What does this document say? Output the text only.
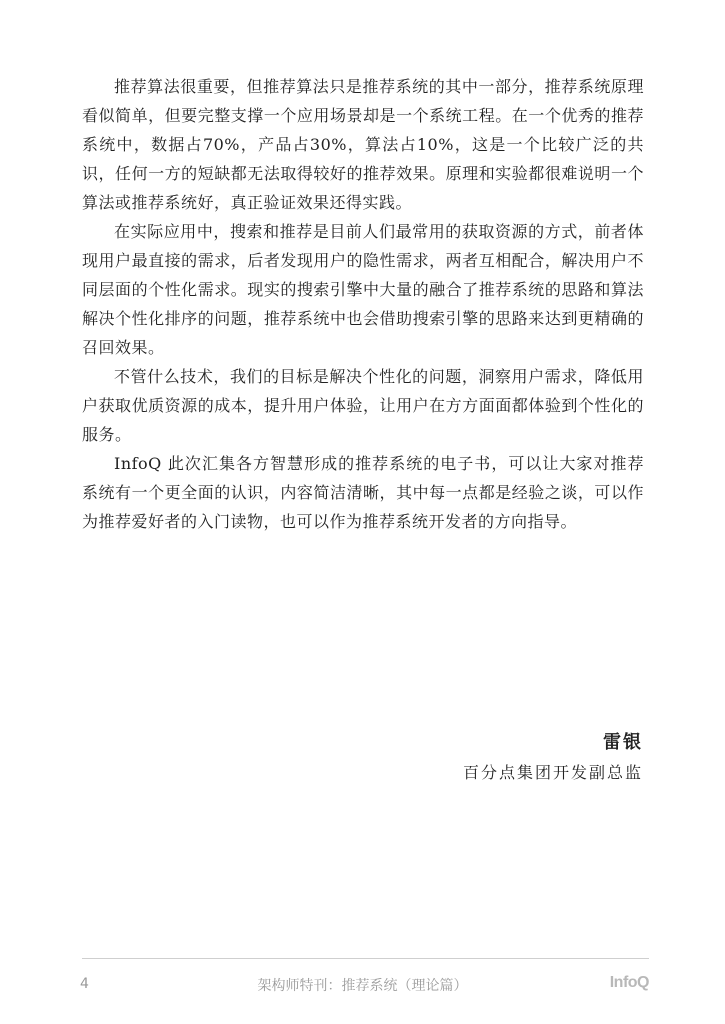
推荐算法很重要，但推荐算法只是推荐系统的其中一部分，推荐系统原理看似简单，但要完整支撑一个应用场景却是一个系统工程。在一个优秀的推荐系统中，数据占70%，产品占30%，算法占10%，这是一个比较广泛的共识，任何一方的短缺都无法取得较好的推荐效果。原理和实验都很难说明一个算法或推荐系统好，真正验证效果还得实践。

在实际应用中，搜索和推荐是目前人们最常用的获取资源的方式，前者体现用户最直接的需求，后者发现用户的隐性需求，两者互相配合，解决用户不同层面的个性化需求。现实的搜索引擎中大量的融合了推荐系统的思路和算法解决个性化排序的问题，推荐系统中也会借助搜索引擎的思路来达到更精确的召回效果。

不管什么技术，我们的目标是解决个性化的问题，洞察用户需求，降低用户获取优质资源的成本，提升用户体验，让用户在方方面面都体验到个性化的服务。

InfoQ 此次汇集各方智慧形成的推荐系统的电子书，可以让大家对推荐系统有一个更全面的认识，内容简洁清晰，其中每一点都是经验之谈，可以作为推荐爱好者的入门读物，也可以作为推荐系统开发者的方向指导。

雷银
百分点集团开发副总监
4	架构师特刊：推荐系统（理论篇）	InfoQ
